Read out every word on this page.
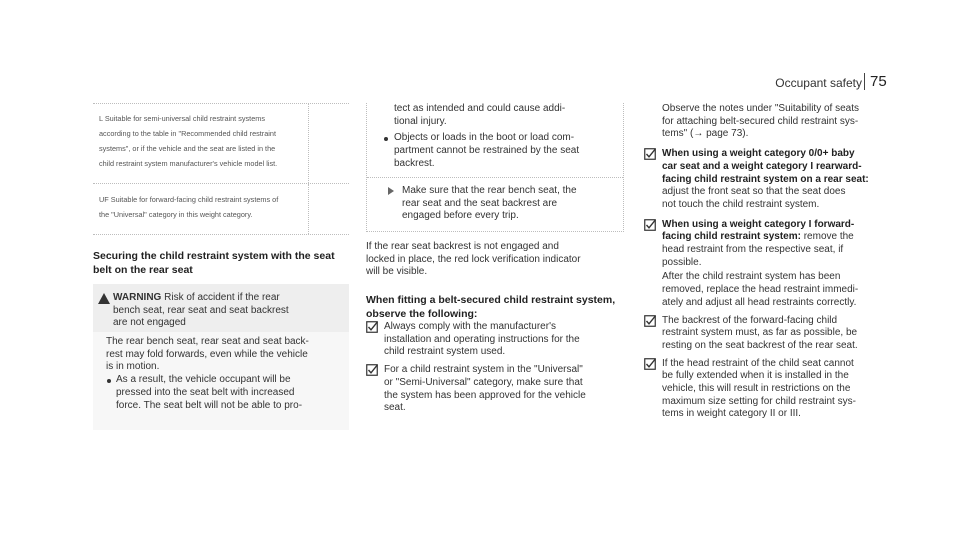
Occupant safety 75
L Suitable for semi-universal child restraint systems according to the table in "Recommended child restraint systems", or if the vehicle and the seat are listed in the child restraint system manufacturer's vehicle model list.
UF Suitable for forward-facing child restraint systems of the "Universal" category in this weight category.
Securing the child restraint system with the seat
belt on the rear seat
! WARNING Risk of accident if the rear
bench seat, rear seat and seat backrest
are not engaged
The rear bench seat, rear seat and seat back-
rest may fold forwards, even while the vehicle
is in motion.
As a result, the vehicle occupant will be
pressed into the seat belt with increased
force. The seat belt will not be able to pro-
tect as intended and could cause addi-
tional injury.
Objects or loads in the boot or load com-
partment cannot be restrained by the seat
backrest.
Make sure that the rear bench seat, the
rear seat and the seat backrest are
engaged before every trip.
If the rear seat backrest is not engaged and
locked in place, the red lock verification indicator
will be visible.
When fitting a belt-secured child restraint system,
observe the following:
Always comply with the manufacturer's
installation and operating instructions for the
child restraint system used.
For a child restraint system in the "Universal"
or "Semi-Universal" category, make sure that
the system has been approved for the vehicle
seat.
Observe the notes under "Suitability of seats
for attaching belt-secured child restraint sys-
tems" (→ page 73).
When using a weight category 0/0+ baby
car seat and a weight category I rearward-
facing child restraint system on a rear seat:
adjust the front seat so that the seat does
not touch the child restraint system.
When using a weight category I forward-
facing child restraint system: remove the
head restraint from the respective seat, if
possible.
After the child restraint system has been
removed, replace the head restraint immedi-
ately and adjust all head restraints correctly.
The backrest of the forward-facing child
restraint system must, as far as possible, be
resting on the seat backrest of the rear seat.
If the head restraint of the child seat cannot
be fully extended when it is installed in the
vehicle, this will result in restrictions on the
maximum size setting for child restraint sys-
tems in weight category II or III.
